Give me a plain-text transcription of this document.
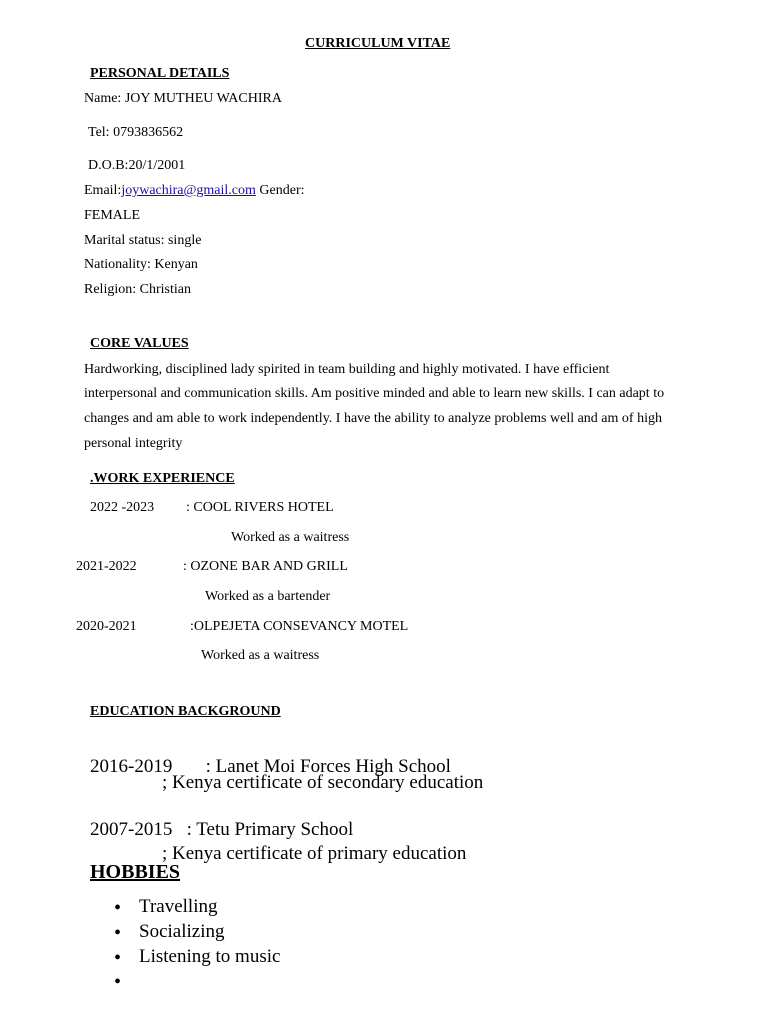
CURRICULUM VITAE
PERSONAL DETAILS
Name: JOY MUTHEU WACHIRA
Tel: 0793836562
D.O.B:20/1/2001
Email:joywachira@gmail.com Gender:
FEMALE
Marital status: single
Nationality: Kenyan
Religion: Christian
CORE VALUES
Hardworking, disciplined lady spirited in team building and highly motivated. I have efficient
interpersonal and communication skills. Am positive minded and able to learn new skills. I can adapt to
changes and am able to work independently. I have the ability to analyze problems well and am of high
personal integrity
.WORK EXPERIENCE
2022 -2023 : COOL RIVERS HOTEL
Worked as a waitress
2021-2022	: OZONE BAR AND GRILL
Worked as a bartender
2020-2021	:OLPEJETA CONSEVANCY MOTEL
Worked as a waitress
EDUCATION BACKGROUND
2016-2019       : Lanet Moi Forces High School
; Kenya certificate of secondary education
2007-2015   : Tetu Primary School
; Kenya certificate of primary education
HOBBIES
• Travelling
• Socializing
• Listening to music
•
